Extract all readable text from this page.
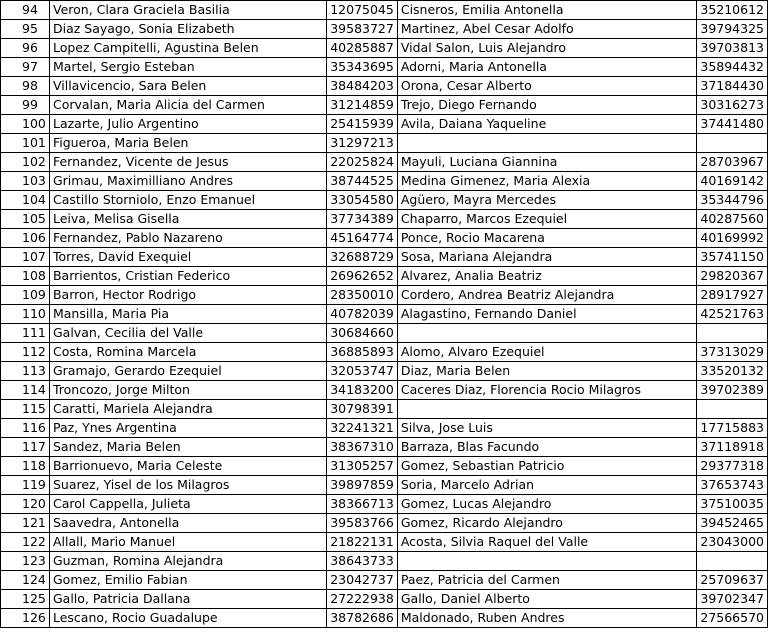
94	Veron, Clara Graciela Basilia	12075045	Cisneros, Emilia Antonella	35210612
95	Diaz Sayago, Sonia Elizabeth	39583727	Martinez, Abel Cesar Adolfo	39794325
96	Lopez Campitelli, Agustina Belen	40285887	Vidal Salon, Luis Alejandro	39703813
97	Martel, Sergio Esteban	35343695	Adorni, Maria Antonella	35894432
98	Villavicencio, Sara Belen	38484203	Orona, Cesar Alberto	37184430
99	Corvalan, Maria Alicia del Carmen	31214859	Trejo, Diego Fernando	30316273
100	Lazarte, Julio Argentino	25415939	Avila, Daiana Yaqueline	37441480
101	Figueroa, Maria Belen	31297213		
102	Fernandez, Vicente de Jesus	22025824	Mayuli, Luciana Giannina	28703967
103	Grimau, Maximilliano Andres	38744525	Medina Gimenez, Maria Alexia	40169142
104	Castillo Storniolo, Enzo Emanuel	33054580	Agüero, Mayra Mercedes	35344796
105	Leiva, Melisa Gisella	37734389	Chaparro, Marcos Ezequiel	40287560
106	Fernandez, Pablo Nazareno	45164774	Ponce, Rocio Macarena	40169992
107	Torres, David Exequiel	32688729	Sosa, Mariana Alejandra	35741150
108	Barrientos, Cristian Federico	26962652	Alvarez, Analia Beatriz	29820367
109	Barron, Hector Rodrigo	28350010	Cordero, Andrea Beatriz Alejandra	28917927
110	Mansilla, Maria Pia	40782039	Alagastino, Fernando Daniel	42521763
111	Galvan, Cecilia del Valle	30684660		
112	Costa, Romina Marcela	36885893	Alomo, Alvaro Ezequiel	37313029
113	Gramajo, Gerardo Ezequiel	32053747	Diaz, Maria Belen	33520132
114	Troncozo, Jorge Milton	34183200	Caceres Diaz, Florencia Rocio Milagros	39702389
115	Caratti, Mariela Alejandra	30798391		
116	Paz, Ynes Argentina	32241321	Silva, Jose Luis	17715883
117	Sandez, Maria Belen	38367310	Barraza, Blas Facundo	37118918
118	Barrionuevo, Maria Celeste	31305257	Gomez, Sebastian Patricio	29377318
119	Suarez, Yisel de los Milagros	39897859	Soria, Marcelo Adrian	37653743
120	Carol Cappella, Julieta	38366713	Gomez, Lucas Alejandro	37510035
121	Saavedra, Antonella	39583766	Gomez, Ricardo Alejandro	39452465
122	Allall, Mario Manuel	21822131	Acosta, Silvia Raquel del Valle	23043000
123	Guzman, Romina Alejandra	38643733		
124	Gomez, Emilio Fabian	23042737	Paez, Patricia del Carmen	25709637
125	Gallo, Patricia Dallana	27222938	Gallo, Daniel Alberto	39702347
126	Lescano, Rocio Guadalupe	38782686	Maldonado, Ruben Andres	27566570
